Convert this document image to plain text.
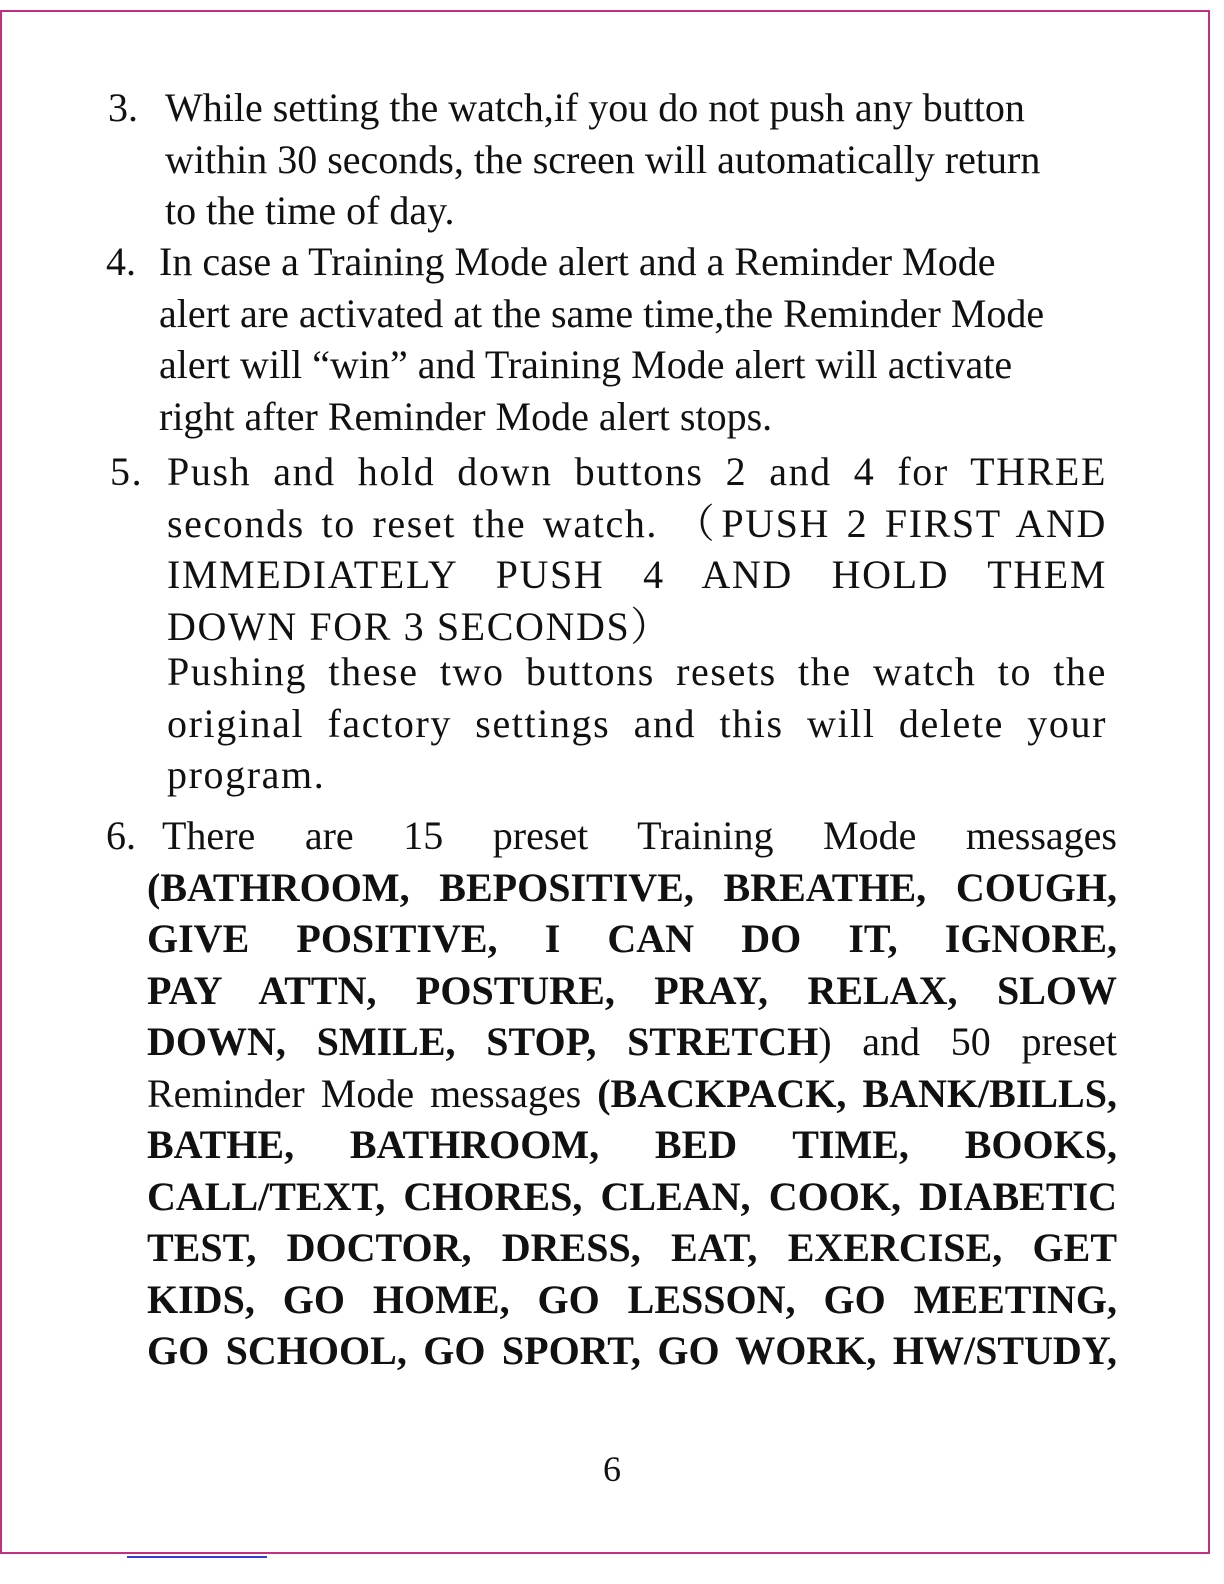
3. While setting the watch,if you do not push any button
within 30 seconds, the screen will automatically return
to the time of day.
4. In case a Training Mode alert and a Reminder Mode
alert are activated at the same time,the Reminder Mode
alert will “win” and Training Mode alert will activate
right after Reminder Mode alert stops.
5. Push and hold down buttons 2 and 4 for THREE
seconds to reset the watch. （PUSH 2 FIRST AND
IMMEDIATELY PUSH 4 AND HOLD THEM
DOWN FOR 3 SECONDS）
Pushing these two buttons resets the watch to the
original factory settings and this will delete your
program.
6. There are 15 preset Training Mode messages
(BATHROOM, BEPOSITIVE, BREATHE, COUGH,
GIVE POSITIVE, I CAN DO IT, IGNORE,
PAY ATTN, POSTURE, PRAY, RELAX, SLOW
DOWN, SMILE, STOP, STRETCH) and 50 preset
Reminder Mode messages (BACKPACK, BANK/BILLS,
BATHE, BATHROOM, BED TIME, BOOKS,
CALL/TEXT, CHORES, CLEAN, COOK, DIABETIC
TEST, DOCTOR, DRESS, EAT, EXERCISE, GET
KIDS, GO HOME, GO LESSON, GO MEETING,
GO SCHOOL, GO SPORT, GO WORK, HW/STUDY,
6
